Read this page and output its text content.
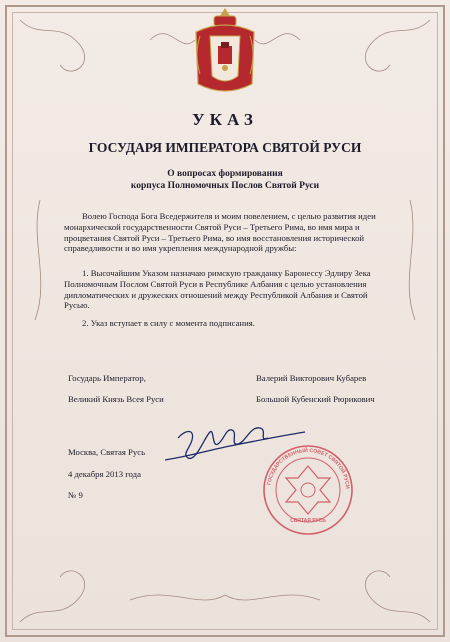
УКАЗ
ГОСУДАРЯ ИМПЕРАТОРА СВЯТОЙ РУСИ
О вопросах формирования
корпуса Полномочных Послов Святой Руси
Волею Господа Бога Вседержителя и моим повелением, с целью развития идеи монархической государственности Святой Руси – Третьего Рима, во имя мира и процветания Святой Руси – Третьего Рима, во имя восстановления исторической справедливости и во имя укрепления международной дружбы:
1. Высочайшим Указом назначаю римскую гражданку Баронессу Эдлиру Зека Полномочным Послом Святой Руси в Республике Албания с целью установления дипломатических и дружеских отношений между Республикой Албания и Святой Русью.
2. Указ вступает в силу с момента подписания.
Государь Император,
Великий Князь Всея Руси
Валерий Викторович Кубарев
Большой Кубенский Рюрикович
ГОСУДАРСТВЕННЫЙ СОВЕТ СВЯТОЙ РУСИ
СВЯТАЯ РУСЬ
Москва, Святая Русь
4 декабря 2013 года
№ 9
